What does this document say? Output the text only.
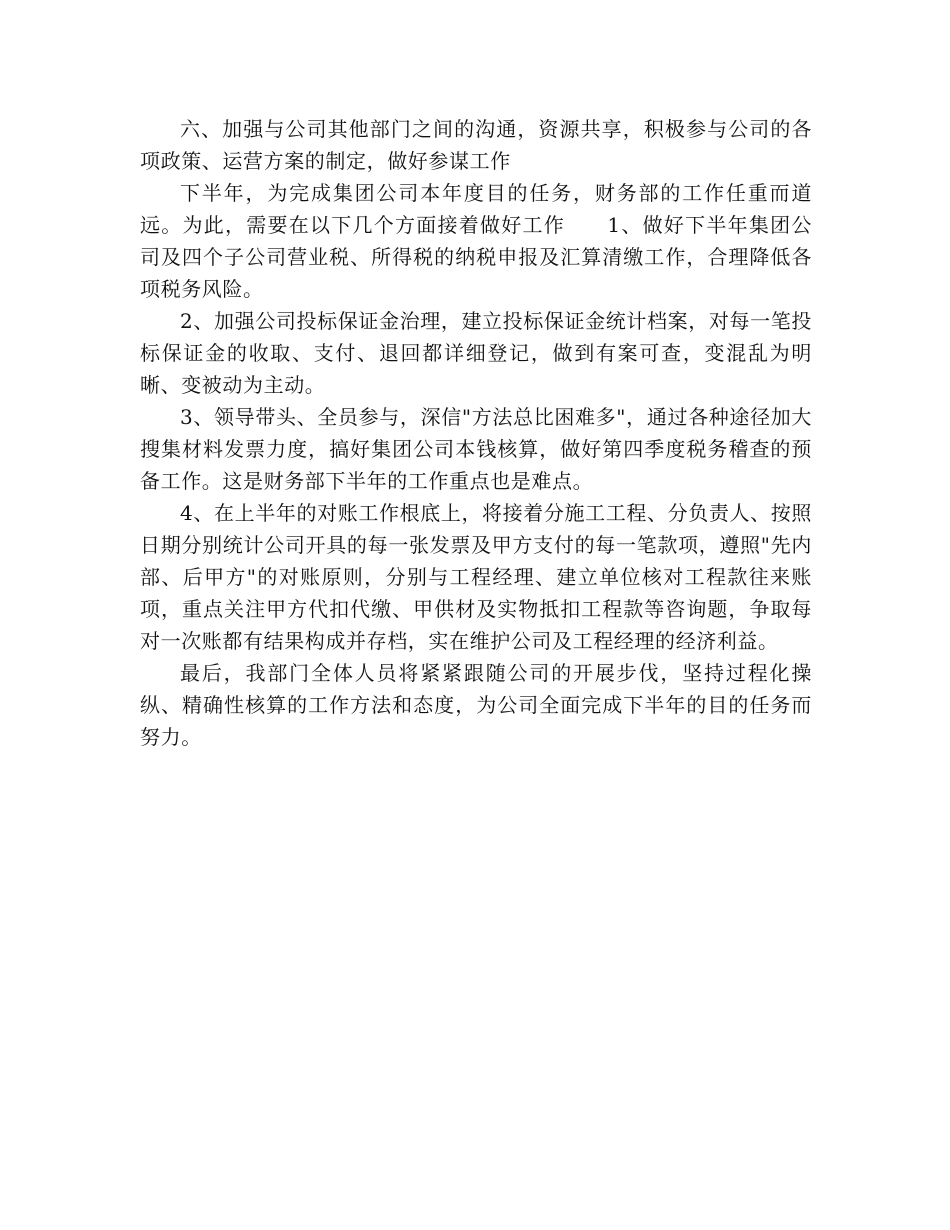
六、加强与公司其他部门之间的沟通，资源共享，积极参与公司的各项政策、运营方案的制定，做好参谋工作

下半年，为完成集团公司本年度目的任务，财务部的工作任重而道远。为此，需要在以下几个方面接着做好工作　　1、做好下半年集团公司及四个子公司营业税、所得税的纳税申报及汇算清缴工作，合理降低各项税务风险。

2、加强公司投标保证金治理，建立投标保证金统计档案，对每一笔投标保证金的收取、支付、退回都详细登记，做到有案可查，变混乱为明晰、变被动为主动。

3、领导带头、全员参与，深信"方法总比困难多"，通过各种途径加大搜集材料发票力度，搞好集团公司本钱核算，做好第四季度税务稽查的预备工作。这是财务部下半年的工作重点也是难点。

4、在上半年的对账工作根底上，将接着分施工工程、分负责人、按照日期分别统计公司开具的每一张发票及甲方支付的每一笔款项，遵照"先内部、后甲方"的对账原则，分别与工程经理、建立单位核对工程款往来账项，重点关注甲方代扣代缴、甲供材及实物抵扣工程款等咨询题，争取每对一次账都有结果构成并存档，实在维护公司及工程经理的经济利益。

最后，我部门全体人员将紧紧跟随公司的开展步伐，坚持过程化操纵、精确性核算的工作方法和态度，为公司全面完成下半年的目的任务而努力。
